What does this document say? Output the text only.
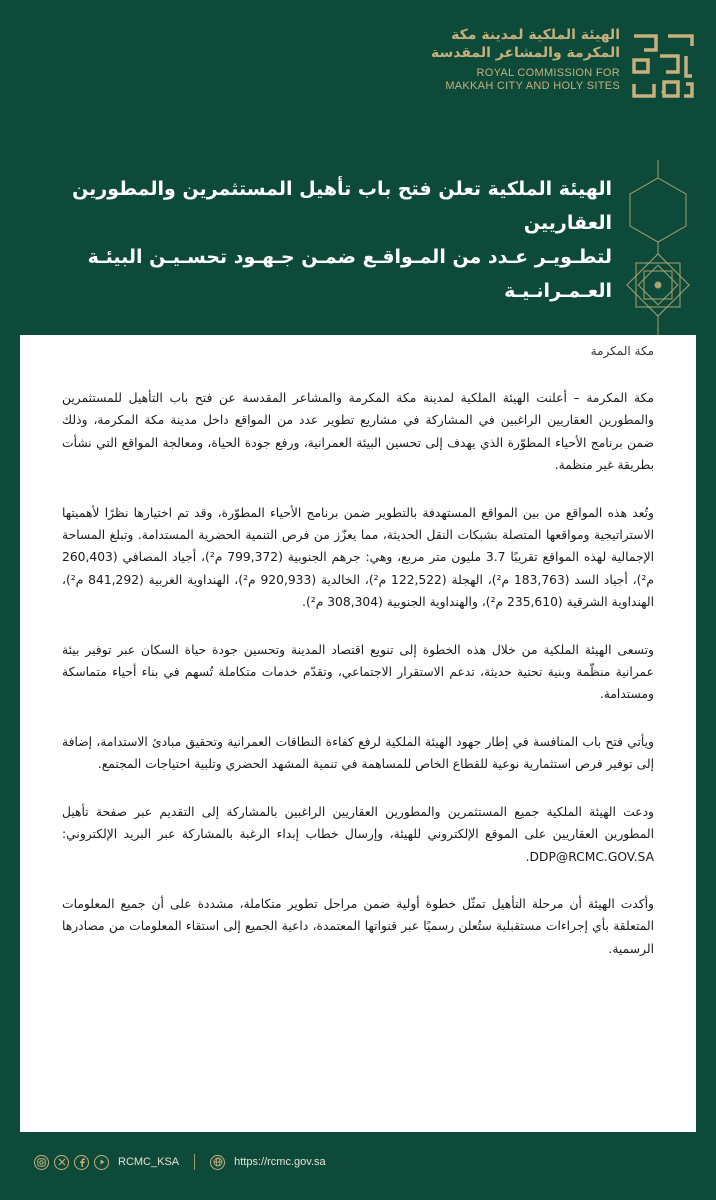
الهيئة الملكية لمدينة مكة
المكرمة والمشاعر المقدسة
ROYAL COMMISSION FOR
MAKKAH CITY AND HOLY SITES
الهيئة الملكية تعلن فتح باب تأهيل المستثمرين والمطورين العقاريين
لتطـويـر عـدد من المـواقـع ضمـن جـهـود تحسـيـن البيئـة العـمـرانـيـة
مكة المكرمة

مكة المكرمة – أعلنت الهيئة الملكية لمدينة مكة المكرمة والمشاعر المقدسة عن فتح باب التأهيل للمستثمرين والمطورين العقاريين الراغبين في المشاركة في مشاريع تطوير عدد من المواقع داخل مدينة مكة المكرمة، وذلك ضمن برنامج الأحياء المطوّرة الذي يهدف إلى تحسين البيئة العمرانية، ورفع جودة الحياة، ومعالجة المواقع التي نشأت بطريقة غير منظمة.

وتُعد هذه المواقع من بين المواقع المستهدفة بالتطوير ضمن برنامج الأحياء المطوّرة، وقد تم اختيارها نظرًا لأهميتها الاستراتيجية ومواقعها المتصلة بشبكات النقل الحديثة، مما يعزّز من فرص التنمية الحضرية المستدامة. وتبلغ المساحة الإجمالية لهذه المواقع تقريبًا 3.7 مليون متر مربع، وهي: جرهم الجنوبية (799,372 م²)، أجياد المصافي (260,403 م²)، أجياد السد (183,763 م²)، الهجلة (122,522 م²)، الخالدية (920,933 م²)، الهنداوية الغربية (841,292 م²)، الهنداوية الشرقية (235,610 م²)، والهنداوية الجنوبية (308,304 م²).

وتسعى الهيئة الملكية من خلال هذه الخطوة إلى تنويع اقتصاد المدينة وتحسين جودة حياة السكان عبر توفير بيئة عمرانية منظّمة وبنية تحتية حديثة، تدعم الاستقرار الاجتماعي، وتقدّم خدمات متكاملة تُسهم في بناء أحياء متماسكة ومستدامة.

ويأتي فتح باب المنافسة في إطار جهود الهيئة الملكية لرفع كفاءة النطاقات العمرانية وتحقيق مبادئ الاستدامة، إضافة إلى توفير فرص استثمارية نوعية للقطاع الخاص للمساهمة في تنمية المشهد الحضري وتلبية احتياجات المجتمع.

ودعت الهيئة الملكية جميع المستثمرين والمطورين العقاريين الراغبين بالمشاركة إلى التقديم عبر صفحة تأهيل المطورين العقاريين على الموقع الإلكتروني للهيئة، وإرسال خطاب إبداء الرغبة بالمشاركة عبر البريد الإلكتروني: DDP@RCMC.GOV.SA.

وأكدت الهيئة أن مرحلة التأهيل تمثّل خطوة أولية ضمن مراحل تطوير متكاملة، مشددة على أن جميع المعلومات المتعلقة بأي إجراءات مستقبلية ستُعلن رسميًا عبر قنواتها المعتمدة، داعية الجميع إلى استقاء المعلومات من مصادرها الرسمية.

RCMC_KSA	https://rcmc.gov.sa
